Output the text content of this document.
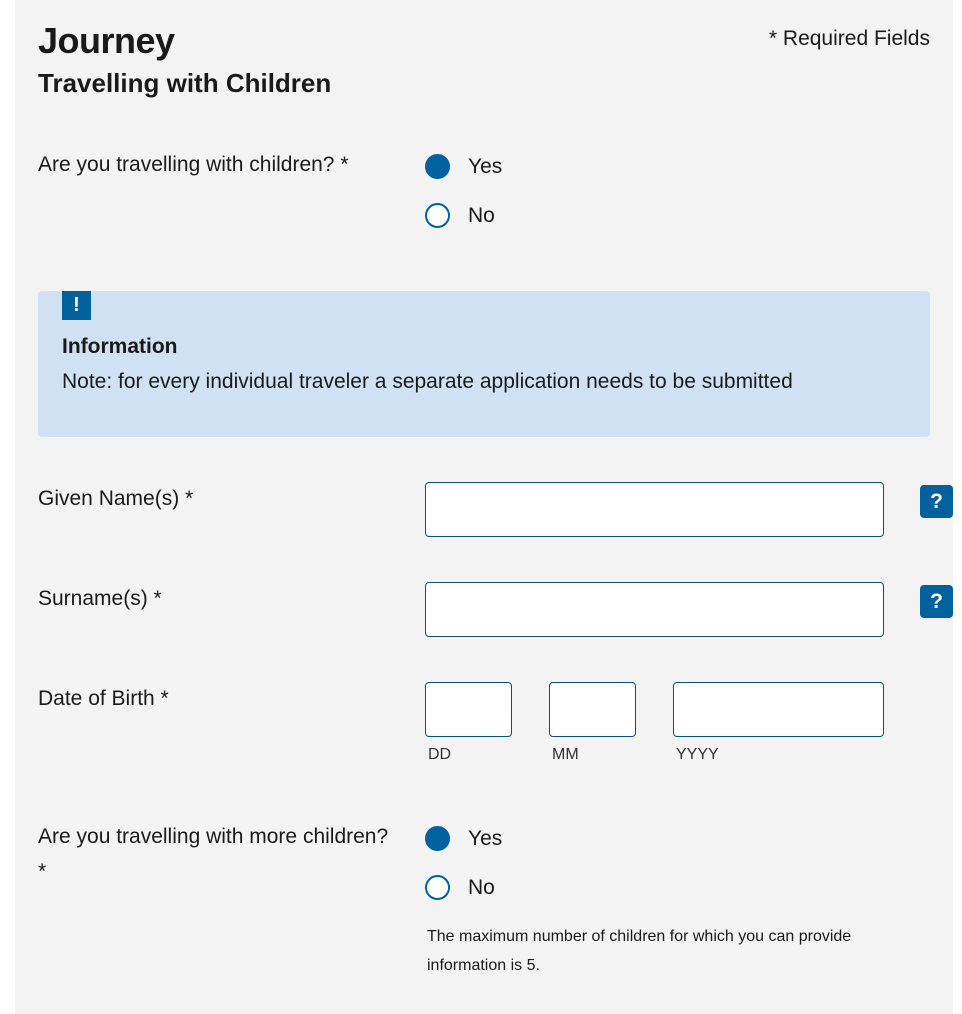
Journey
Travelling with Children
* Required Fields
Are you travelling with children? *	Yes
No
!
Information
Note: for every individual traveler a separate application needs to be submitted
Given Name(s) *	?
Surname(s) *	?
Date of Birth *
DD	MM	YYYY
Are you travelling with more children?
*
Yes
No
The maximum number of children for which you can provide information is 5.
